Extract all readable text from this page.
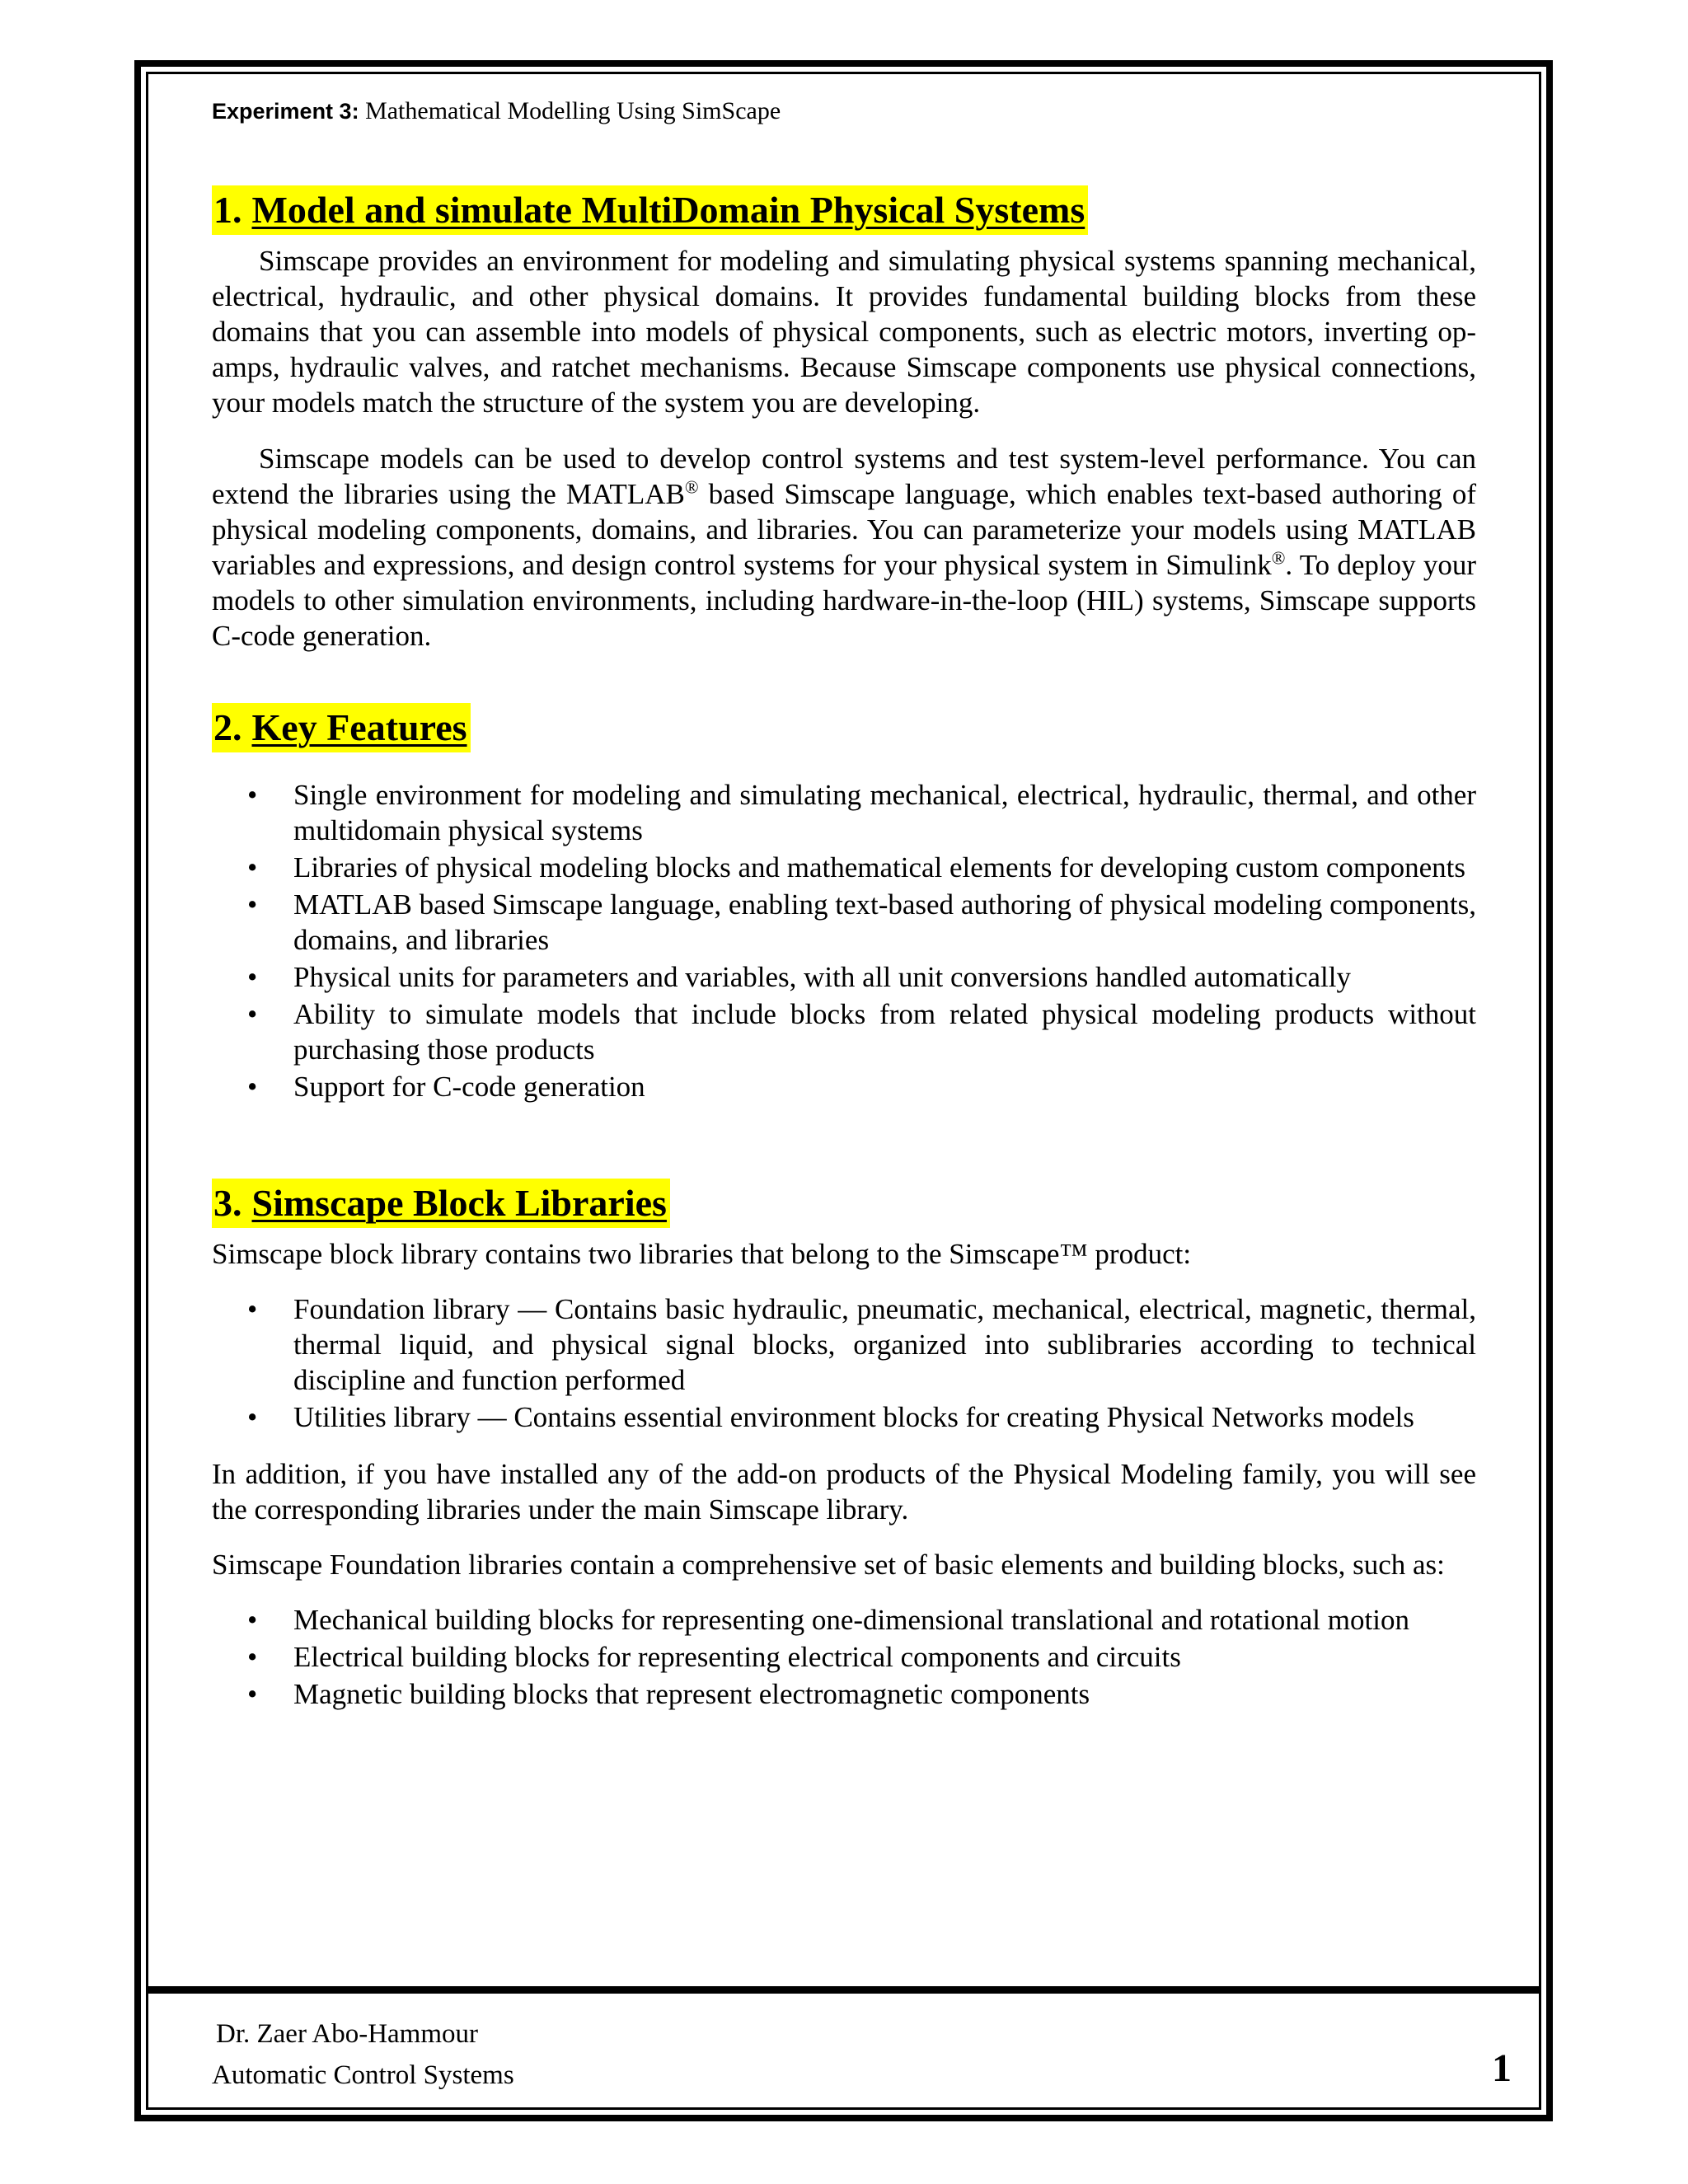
Experiment 3: Mathematical Modelling Using SimScape
1. Model and simulate MultiDomain Physical Systems

Simscape provides an environment for modeling and simulating physical systems spanning mechanical, electrical, hydraulic, and other physical domains. It provides fundamental building blocks from these domains that you can assemble into models of physical components, such as electric motors, inverting op-amps, hydraulic valves, and ratchet mechanisms. Because Simscape components use physical connections, your models match the structure of the system you are developing.

Simscape models can be used to develop control systems and test system-level performance. You can extend the libraries using the MATLAB® based Simscape language, which enables text-based authoring of physical modeling components, domains, and libraries. You can parameterize your models using MATLAB variables and expressions, and design control systems for your physical system in Simulink®. To deploy your models to other simulation environments, including hardware-in-the-loop (HIL) systems, Simscape supports C-code generation.

2. Key Features
• Single environment for modeling and simulating mechanical, electrical, hydraulic, thermal, and other multidomain physical systems
• Libraries of physical modeling blocks and mathematical elements for developing custom components
• MATLAB based Simscape language, enabling text-based authoring of physical modeling components, domains, and libraries
• Physical units for parameters and variables, with all unit conversions handled automatically
• Ability to simulate models that include blocks from related physical modeling products without purchasing those products
• Support for C-code generation
3. Simscape Block Libraries

Simscape block library contains two libraries that belong to the Simscape™ product:

• Foundation library — Contains basic hydraulic, pneumatic, mechanical, electrical, magnetic, thermal, thermal liquid, and physical signal blocks, organized into sublibraries according to technical discipline and function performed
• Utilities library — Contains essential environment blocks for creating Physical Networks models

In addition, if you have installed any of the add-on products of the Physical Modeling family, you will see the corresponding libraries under the main Simscape library.

Simscape Foundation libraries contain a comprehensive set of basic elements and building blocks, such as:

• Mechanical building blocks for representing one-dimensional translational and rotational motion
• Electrical building blocks for representing electrical components and circuits
• Magnetic building blocks that represent electromagnetic components
Dr. Zaer Abo-Hammour
Automatic Control Systems	1
